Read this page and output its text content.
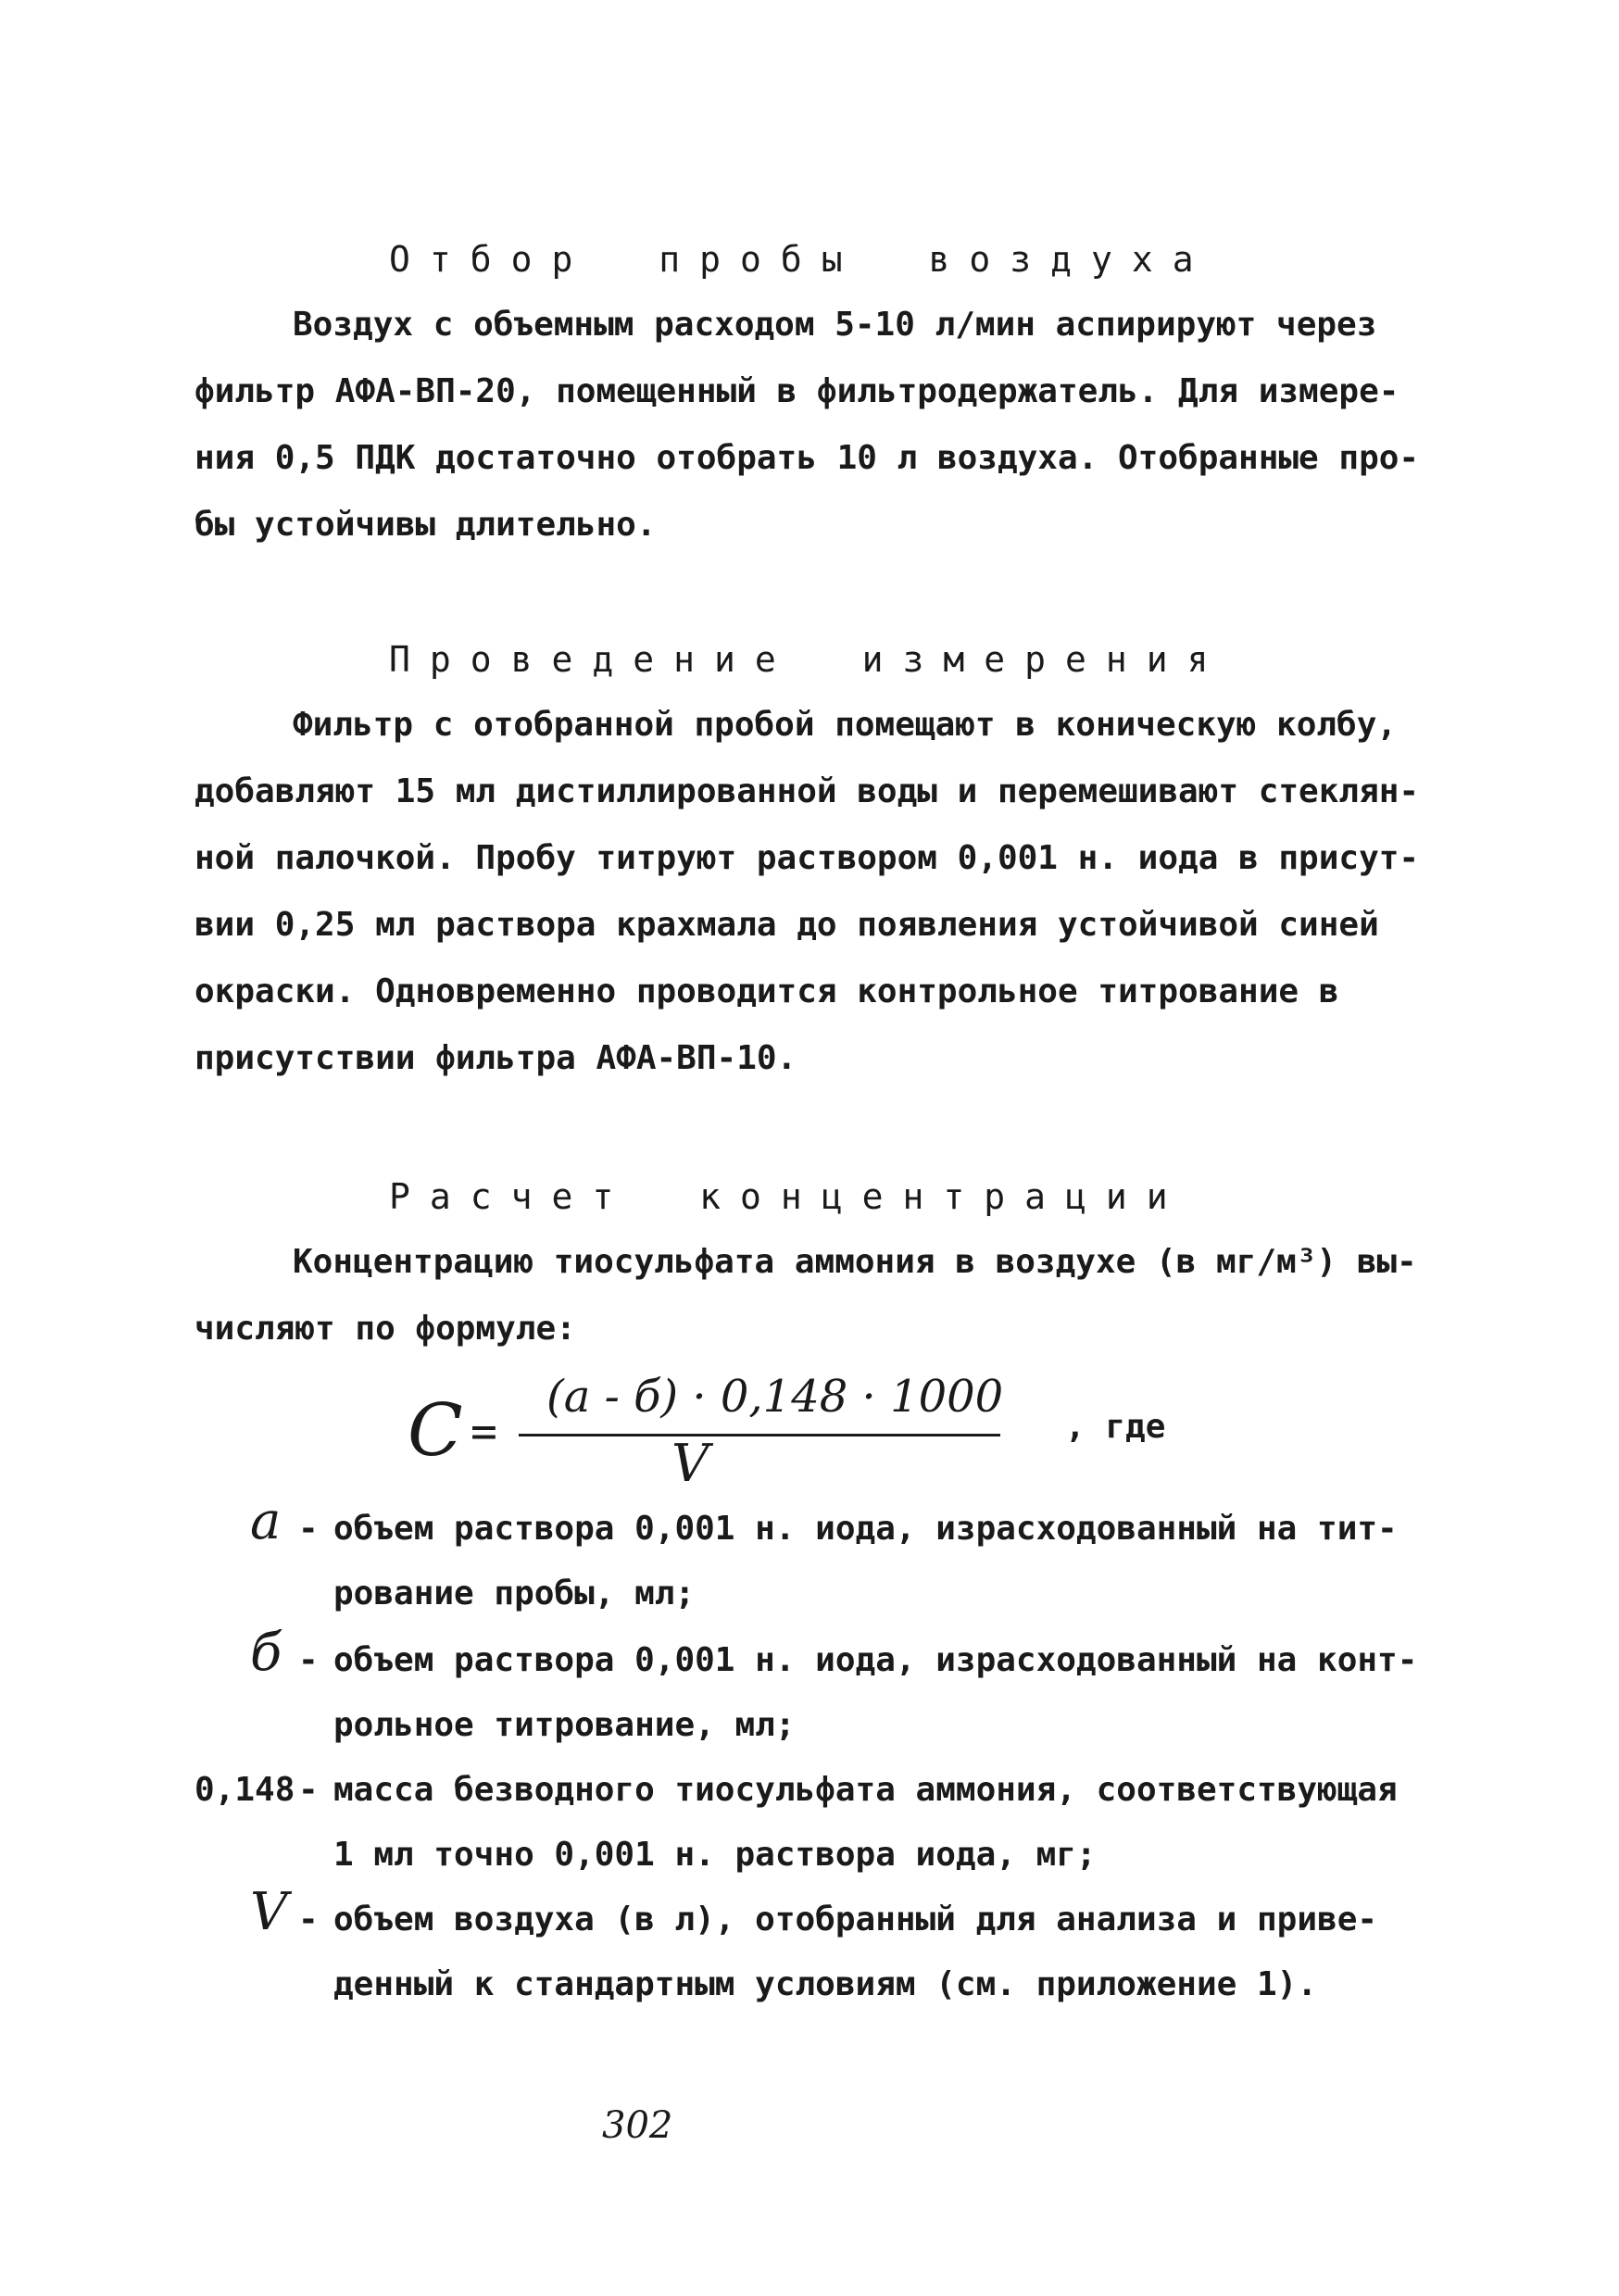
Отбор пробы воздуха
Воздух с объемным расходом 5-10 л/мин аспирируют через
фильтр АФА-ВП-20, помещенный в фильтродержатель. Для измере-
ния 0,5 ПДК достаточно отобрать 10 л воздуха. Отобранные про-
бы устойчивы длительно.
Проведение измерения
Фильтр с отобранной пробой помещают в коническую колбу,
добавляют 15 мл дистиллированной воды и перемешивают стеклян-
ной палочкой. Пробу титруют раствором 0,001 н. иода в присут-
вии 0,25 мл раствора крахмала до появления устойчивой синей
окраски. Одновременно проводится контрольное титрование в
присутствии фильтра АФА-ВП-10.
Расчет концентрации
Концентрацию тиосульфата аммония в воздухе (в мг/м³) вы-
числяют по формуле:
C =
(a - б) · 0,148 · 1000
V
, где
a - объем раствора 0,001 н. иода, израсходованный на тит-
рование пробы, мл;
б - объем раствора 0,001 н. иода, израсходованный на конт-
рольное титрование, мл;
0,148 - масса безводного тиосульфата аммония, соответствующая
1 мл точно 0,001 н. раствора иода, мг;
V - объем воздуха (в л), отобранный для анализа и приве-
денный к стандартным условиям (см. приложение 1).
302
